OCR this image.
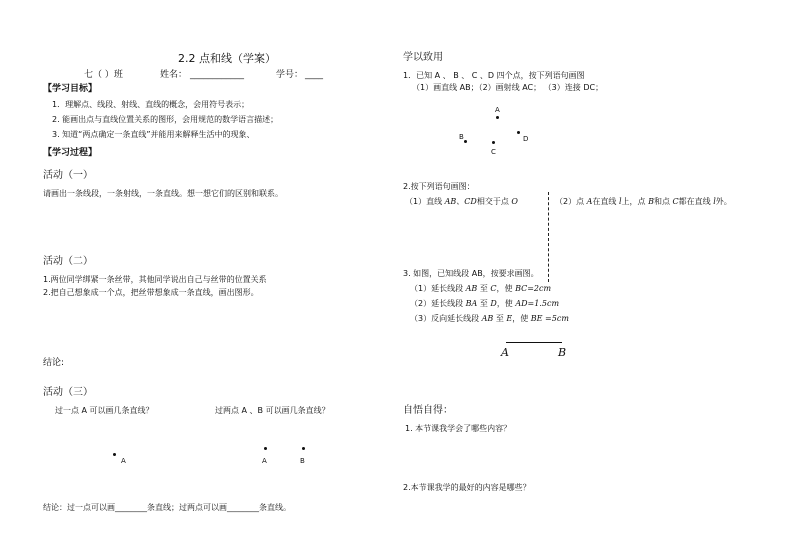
2.2 点和线（学案）
七（ ）班	姓名： ____________	学号： ____
【学习目标】
1．理解点、线段、射线、直线的概念，会用符号表示；
2. 能画出点与直线位置关系的图形，会用规范的数学语言描述；
3. 知道“两点确定一条直线”并能用来解释生活中的现象、
【学习过程】
活动（一）
请画出一条线段，一条射线，一条直线。想一想它们的区别和联系。
活动（二）
1.两位同学绑紧一条丝带，其他同学说出自己与丝带的位置关系
2.把自己想象成一个点，把丝带想象成一条直线，画出图形。
结论:
活动（三）
过一点 A 可以画几条直线？	过两点 A 、B 可以画几条直线？
A	A	B
结论：过一点可以画________条直线；过两点可以画________条直线。
学以致用
1．已知 A 、 B 、 C 、D 四个点，按下列语句画图
（1）画直线 AB；（2）画射线 AC； （3）连接 DC；
A
B
C
D
2.按下列语句画图：
（1）直线 AB、CD相交于点 O	（2）点 A在直线 l上，点 B和点 C都在直线 l外。
3. 如图，已知线段 AB，按要求画图。
（1）延长线段 AB 至 C，使 BC=2cm
（2）延长线段 BA 至 D，使 AD=1.5cm
（3）反向延长线段 AB 至 E，使 BE =5cm
A	B
自悟自得：
1. 本节课我学会了哪些内容？
2.本节课我学的最好的内容是哪些？
